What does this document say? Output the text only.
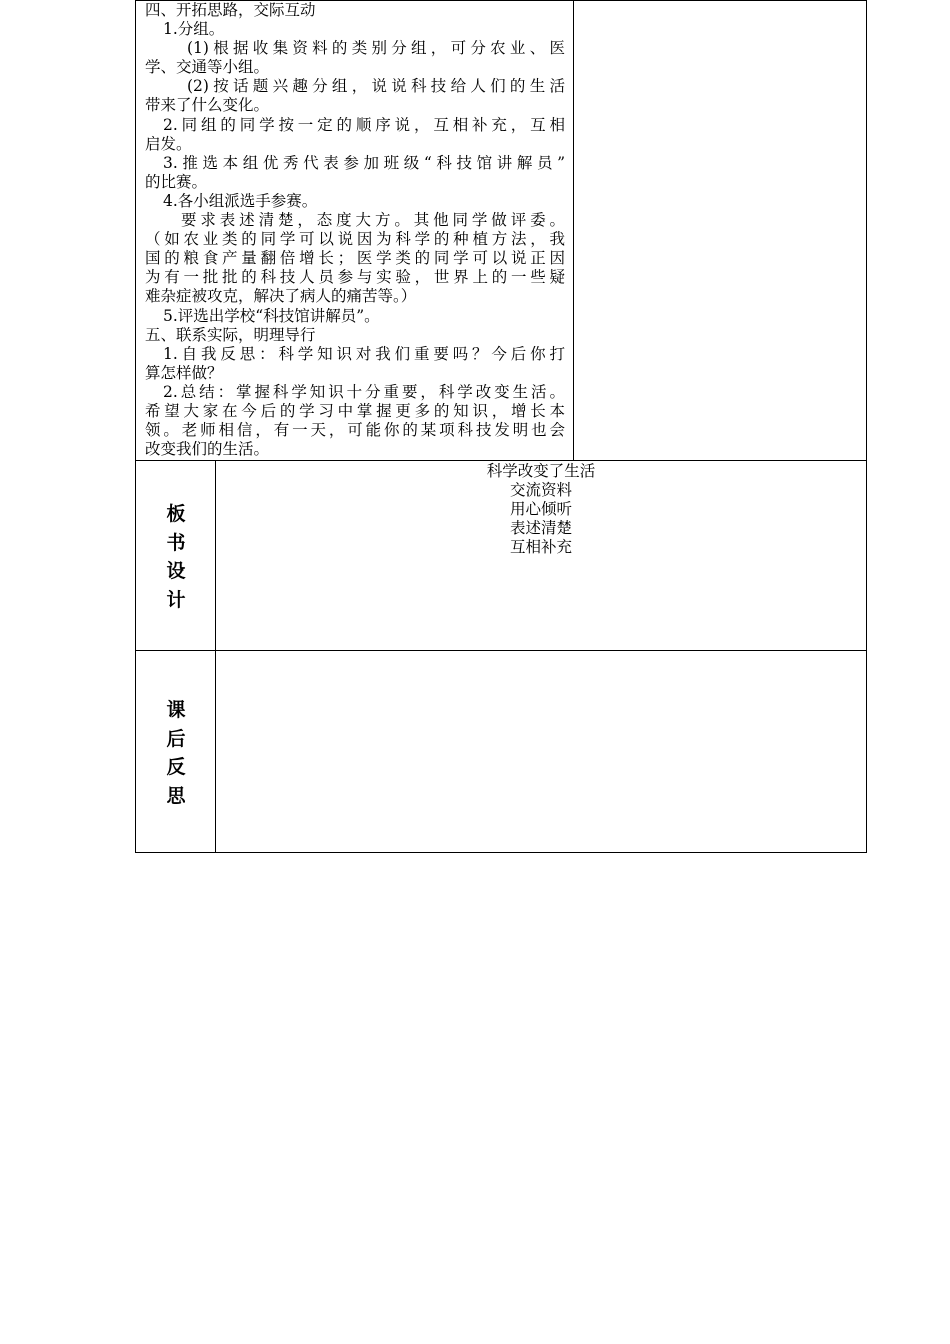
四、开拓思路，交际互动
1.分组。
(1)根据收集资料的类别分组，可分农业、医
学、交通等小组。
(2)按话题兴趣分组，说说科技给人们的生活
带来了什么变化。
2.同组的同学按一定的顺序说，互相补充，互相
启发。
3.推选本组优秀代表参加班级“科技馆讲解员”
的比赛。
4.各小组派选手参赛。
要求表述清楚，态度大方。其他同学做评委。
（如农业类的同学可以说因为科学的种植方法，我
国的粮食产量翻倍增长；医学类的同学可以说正因
为有一批批的科技人员参与实验，世界上的一些疑
难杂症被攻克，解决了病人的痛苦等。）
5.评选出学校“科技馆讲解员”。
五、联系实际，明理导行
1.自我反思：科学知识对我们重要吗？今后你打
算怎样做？
2.总结：掌握科学知识十分重要，科学改变生活。
希望大家在今后的学习中掌握更多的知识，增长本
领。老师相信，有一天，可能你的某项科技发明也会
改变我们的生活。
板
书
设
计
科学改变了生活
交流资料
用心倾听
表述清楚
互相补充
课
后
反
思
